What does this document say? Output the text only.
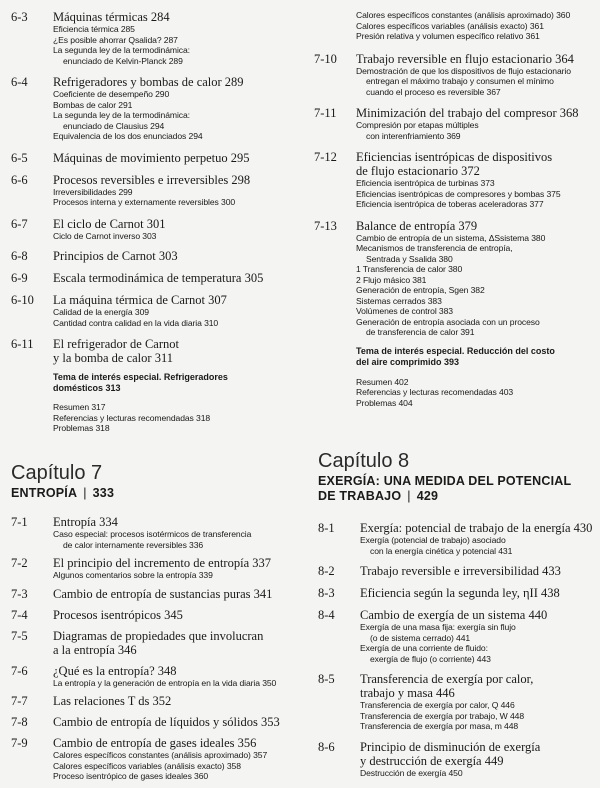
6-3 Máquinas térmicas 284
Eficiencia térmica 285
¿Es posible ahorrar Qsalida? 287
La segunda ley de la termodinámica:
enunciado de Kelvin-Planck 289
6-4 Refrigeradores y bombas de calor 289
Coeficiente de desempeño 290
Bombas de calor 291
La segunda ley de la termodinámica:
enunciado de Clausius 294
Equivalencia de los dos enunciados 294
6-5 Máquinas de movimiento perpetuo 295
6-6 Procesos reversibles e irreversibles 298
Irreversibilidades 299
Procesos interna y externamente reversibles 300
6-7 El ciclo de Carnot 301
Ciclo de Carnot inverso 303
6-8 Principios de Carnot 303
6-9 Escala termodinámica de temperatura 305
6-10 La máquina térmica de Carnot 307
Calidad de la energía 309
Cantidad contra calidad en la vida diaria 310
6-11 El refrigerador de Carnot
y la bomba de calor 311
Tema de interés especial. Refrigeradores
domésticos 313
Resumen 317
Referencias y lecturas recomendadas 318
Problemas 318
Capítulo 7
ENTROPÍA | 333
7-1 Entropía 334
Caso especial: procesos isotérmicos de transferencia
de calor internamente reversibles 336
7-2 El principio del incremento de entropía 337
Algunos comentarios sobre la entropía 339
7-3 Cambio de entropía de sustancias puras 341
7-4 Procesos isentrópicos 345
7-5 Diagramas de propiedades que involucran
a la entropía 346
7-6 ¿Qué es la entropía? 348
La entropía y la generación de entropía en la vida diaria 350
7-7 Las relaciones T ds 352
7-8 Cambio de entropía de líquidos y sólidos 353
7-9 Cambio de entropía de gases ideales 356
Calores específicos constantes (análisis aproximado) 357
Calores específicos variables (análisis exacto) 358
Proceso isentrópico de gases ideales 360
Calores específicos constantes (análisis aproximado) 360
Calores específicos variables (análisis exacto) 361
Presión relativa y volumen específico relativo 361
7-10 Trabajo reversible en flujo estacionario 364
Demostración de que los dispositivos de flujo estacionario
entregan el máximo trabajo y consumen el mínimo
cuando el proceso es reversible 367
7-11 Minimización del trabajo del compresor 368
Compresión por etapas múltiples
con interenfriamiento 369
7-12 Eficiencias isentrópicas de dispositivos
de flujo estacionario 372
Eficiencia isentrópica de turbinas 373
Eficiencias isentrópicas de compresores y bombas 375
Eficiencia isentrópica de toberas aceleradoras 377
7-13 Balance de entropía 379
Cambio de entropía de un sistema, ΔSsistema 380
Mecanismos de transferencia de entropía,
Sentrada y Ssalida 380
1 Transferencia de calor 380
2 Flujo másico 381
Generación de entropía, Sgen 382
Sistemas cerrados 383
Volúmenes de control 383
Generación de entropía asociada con un proceso
de transferencia de calor 391
Tema de interés especial. Reducción del costo
del aire comprimido 393
Resumen 402
Referencias y lecturas recomendadas 403
Problemas 404
Capítulo 8
EXERGÍA: UNA MEDIDA DEL POTENCIAL
DE TRABAJO | 429
8-1 Exergía: potencial de trabajo de la energía 430
Exergía (potencial de trabajo) asociado
con la energía cinética y potencial 431
8-2 Trabajo reversible e irreversibilidad 433
8-3 Eficiencia según la segunda ley, ηII 438
8-4 Cambio de exergía de un sistema 440
Exergía de una masa fija: exergía sin flujo
(o de sistema cerrado) 441
Exergía de una corriente de fluido:
exergía de flujo (o corriente) 443
8-5 Transferencia de exergía por calor,
trabajo y masa 446
Transferencia de exergía por calor, Q 446
Transferencia de exergía por trabajo, W 448
Transferencia de exergía por masa, m 448
8-6 Principio de disminución de exergía
y destrucción de exergía 449
Destrucción de exergía 450
